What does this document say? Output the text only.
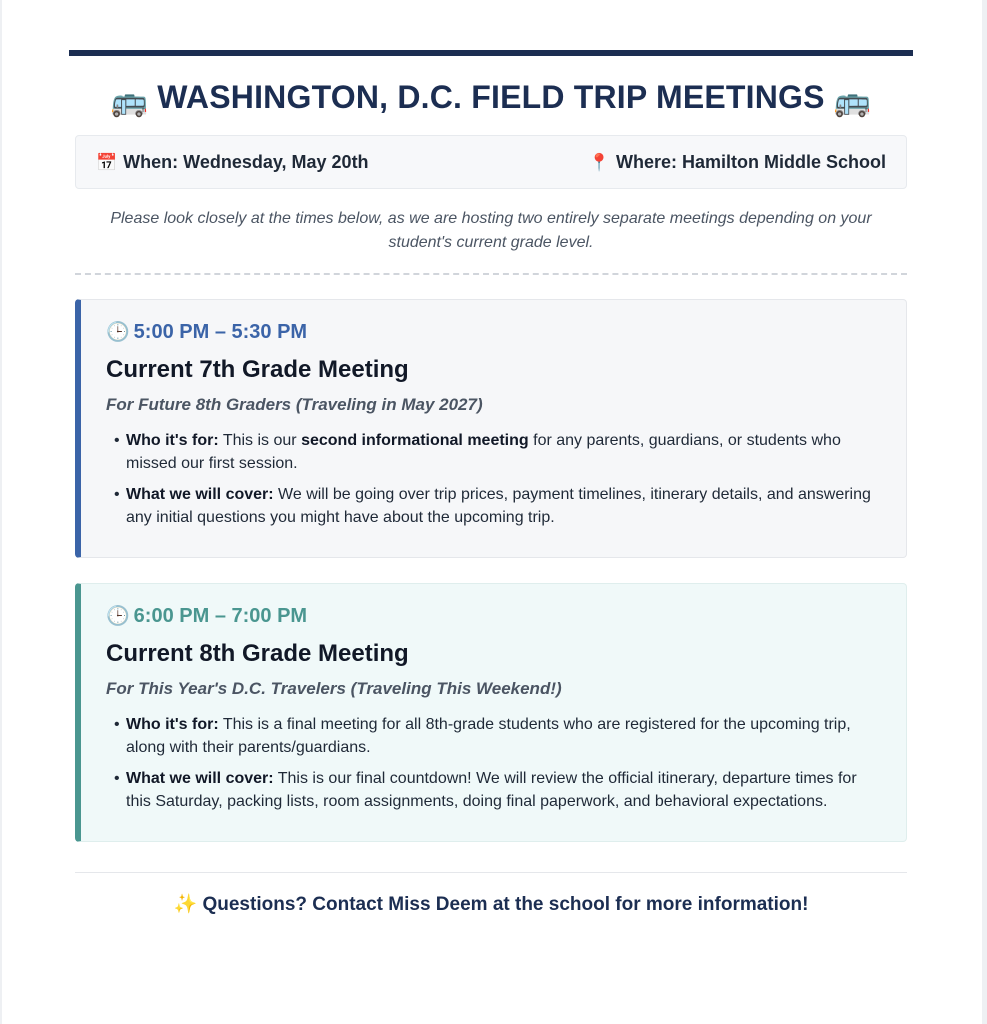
🚌 WASHINGTON, D.C. FIELD TRIP MEETINGS 🚌
📅 When: Wednesday, May 20th	📍 Where: Hamilton Middle School

Please look closely at the times below, as we are hosting two entirely separate meetings depending on your student's current grade level.

🕒 5:00 PM – 5:30 PM
Current 7th Grade Meeting
For Future 8th Graders (Traveling in May 2027)
• Who it's for: This is our second informational meeting for any parents, guardians, or students who missed our first session.
• What we will cover: We will be going over trip prices, payment timelines, itinerary details, and answering any initial questions you might have about the upcoming trip.
🕒 6:00 PM – 7:00 PM
Current 8th Grade Meeting
For This Year's D.C. Travelers (Traveling This Weekend!)
• Who it's for: This is a final meeting for all 8th-grade students who are registered for the upcoming trip, along with their parents/guardians.
• What we will cover: This is our final countdown! We will review the official itinerary, departure times for this Saturday, packing lists, room assignments, doing final paperwork, and behavioral expectations.
✨ Questions? Contact Miss Deem at the school for more information!
